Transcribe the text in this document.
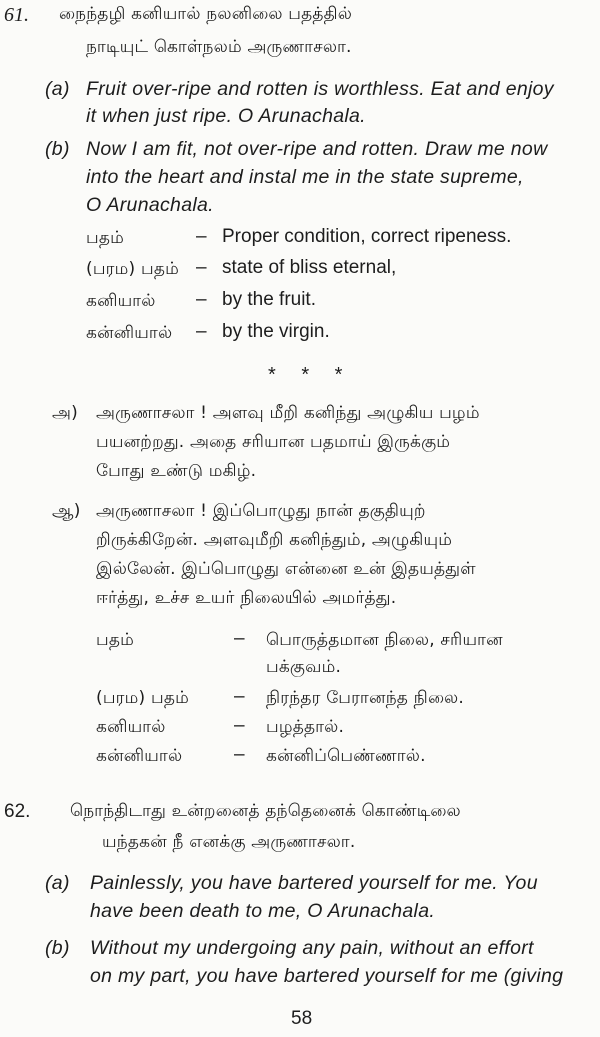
61. நைந்தழி கனியால் நலனிலை பதத்தில்
நாடியுட் கொள்நலம் அருணாசலா.
(a) Fruit over-ripe and rotten is worthless. Eat and enjoy
it when just ripe. O Arunachala.
(b) Now I am fit, not over-ripe and rotten. Draw me now
into the heart and instal me in the state supreme,
O Arunachala.
பதம்	– Proper condition, correct ripeness.
(பரம) பதம் – state of bliss eternal,
கனியால் – by the fruit.
கன்னியால் – by the virgin.
* * *
அ) அருணாசலா ! அளவு மீறி கனிந்து அழுகிய பழம்
பயனற்றது. அதை சரியான பதமாய் இருக்கும்
போது உண்டு மகிழ்.
ஆ) அருணாசலா ! இப்பொழுது நான் தகுதியுற்
றிருக்கிறேன். அளவுமீறி கனிந்தும், அழுகியும்
இல்லேன். இப்பொழுது என்னை உன் இதயத்துள்
ஈர்த்து, உச்ச உயர் நிலையில் அமர்த்து.
பதம்	– பொருத்தமான நிலை, சரியான
பக்குவம்.
(பரம) பதம் – நிரந்தர பேரானந்த நிலை.
கனியால்	– பழத்தால்.
கன்னியால்	– கன்னிப்பெண்ணால்.
62. நொந்திடாது உன்றனைத் தந்தெனைக் கொண்டிலை
யந்தகன் நீ எனக்கு அருணாசலா.
(a) Painlessly, you have bartered yourself for me. You
have been death to me, O Arunachala.
(b) Without my undergoing any pain, without an effort
on my part, you have bartered yourself for me (giving
58
